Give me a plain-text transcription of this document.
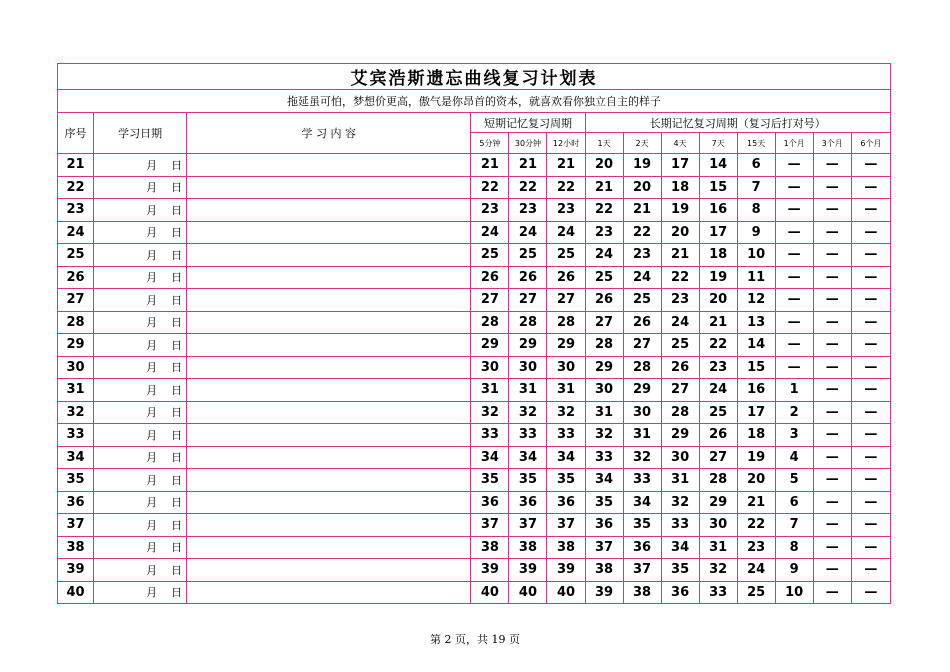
艾宾浩斯遗忘曲线复习计划表													
拖延虽可怕，梦想价更高，傲气是你昂首的资本，就喜欢看你独立自主的样子													
序号	学习日期	学 习 内 容	短期记忆复习周期			长期记忆复习周期（复习后打对号）							
			5分钟	30分钟	12小时	1天	2天	4天	7天	15天	1个月	3个月	6个月
21	月 日		21	21	21	20	19	17	14	6	—	—	—
22	月 日		22	22	22	21	20	18	15	7	—	—	—
23	月 日		23	23	23	22	21	19	16	8	—	—	—
24	月 日		24	24	24	23	22	20	17	9	—	—	—
25	月 日		25	25	25	24	23	21	18	10	—	—	—
26	月 日		26	26	26	25	24	22	19	11	—	—	—
27	月 日		27	27	27	26	25	23	20	12	—	—	—
28	月 日		28	28	28	27	26	24	21	13	—	—	—
29	月 日		29	29	29	28	27	25	22	14	—	—	—
30	月 日		30	30	30	29	28	26	23	15	—	—	—
31	月 日		31	31	31	30	29	27	24	16	1	—	—
32	月 日		32	32	32	31	30	28	25	17	2	—	—
33	月 日		33	33	33	32	31	29	26	18	3	—	—
34	月 日		34	34	34	33	32	30	27	19	4	—	—
35	月 日		35	35	35	34	33	31	28	20	5	—	—
36	月 日		36	36	36	35	34	32	29	21	6	—	—
37	月 日		37	37	37	36	35	33	30	22	7	—	—
38	月 日		38	38	38	37	36	34	31	23	8	—	—
39	月 日		39	39	39	38	37	35	32	24	9	—	—
40	月 日		40	40	40	39	38	36	33	25	10	—	—
第 2 页，共 19 页
